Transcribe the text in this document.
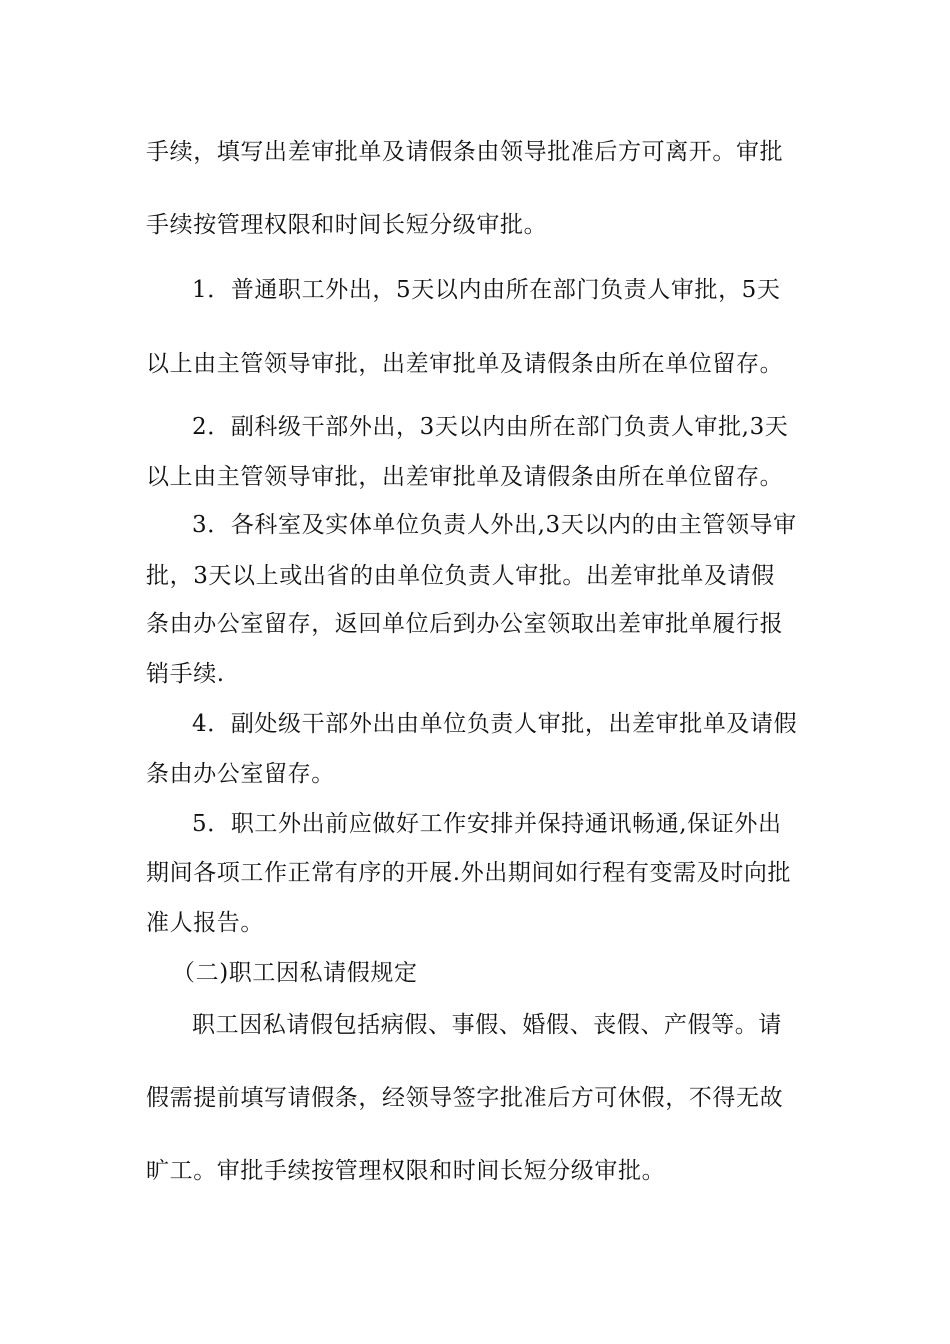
手续，填写出差审批单及请假条由领导批准后方可离开。审批
手续按管理权限和时间长短分级审批。
1．普通职工外出，5天以内由所在部门负责人审批，5天
以上由主管领导审批，出差审批单及请假条由所在单位留存。
2．副科级干部外出，3天以内由所在部门负责人审批,3天
以上由主管领导审批，出差审批单及请假条由所在单位留存。
3．各科室及实体单位负责人外出,3天以内的由主管领导审
批，3天以上或出省的由单位负责人审批。出差审批单及请假
条由办公室留存，返回单位后到办公室领取出差审批单履行报
销手续.
4．副处级干部外出由单位负责人审批，出差审批单及请假
条由办公室留存。
5．职工外出前应做好工作安排并保持通讯畅通,保证外出
期间各项工作正常有序的开展.外出期间如行程有变需及时向批
准人报告。
（二)职工因私请假规定
职工因私请假包括病假、事假、婚假、丧假、产假等。请
假需提前填写请假条，经领导签字批准后方可休假，不得无故
旷工。审批手续按管理权限和时间长短分级审批。
